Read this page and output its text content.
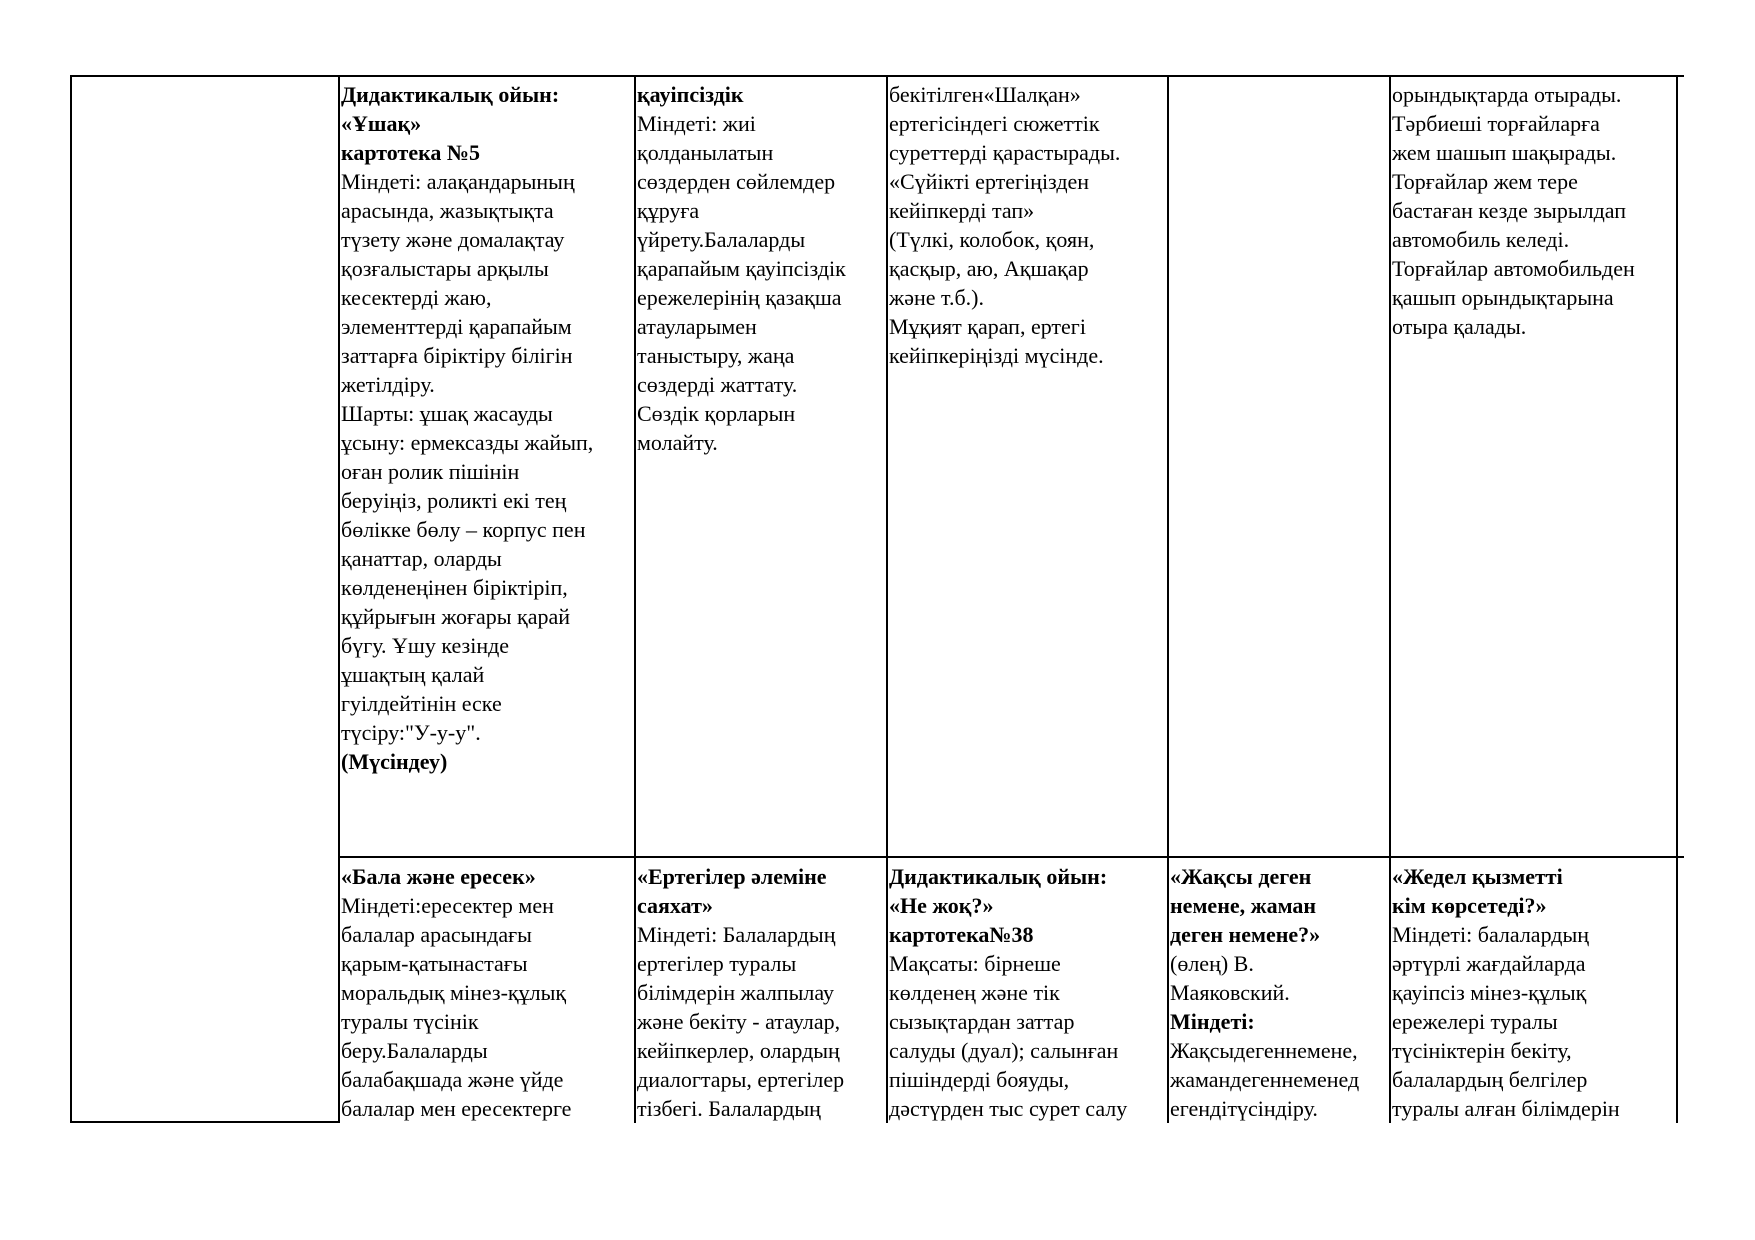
Дидактикалық ойын:
«Ұшақ»
картотека №5
Міндеті: алақандарының
арасында, жазықтықта
түзету және домалақтау
қозғалыстары арқылы
кесектерді жаю,
элементтерді қарапайым
заттарға біріктіру білігін
жетілдіру.
Шарты: ұшақ жасауды
ұсыну: ермексазды жайып,
оған ролик пішінін
беруіңіз, роликті екі тең
бөлікке бөлу – корпус пен
қанаттар, оларды
көлденеңінен біріктіріп,
құйрығын жоғары қарай
бүгу. Ұшу кезінде
ұшақтың қалай
гуілдейтінін еске
түсіру:"У-у-у".
(Мүсіндеу)
қауіпсіздік
Міндеті: жиі
қолданылатын
сөздерден сөйлемдер
құруға
үйрету.Балаларды
қарапайым қауіпсіздік
ережелерінің қазақша
атауларымен
таныстыру, жаңа
сөздерді жаттату.
Сөздік қорларын
молайту.
бекітілген«Шалқан»
ертегісіндегі сюжеттік
суреттерді қарастырады.
«Сүйікті ертегіңізден
кейіпкерді тап»
(Түлкі, колобок, қоян,
қасқыр, аю, Ақшақар
және т.б.).
Мұқият қарап, ертегі
кейіпкеріңізді мүсінде.
орындықтарда отырады.
Тәрбиеші торғайларға
жем шашып шақырады.
Торғайлар жем тере
бастаған кезде зырылдап
автомобиль келеді.
Торғайлар автомобильден
қашып орындықтарына
отыра қалады.
«Бала және ересек»
Міндеті:ересектер мен
балалар арасындағы
қарым-қатынастағы
моральдық мінез-құлық
туралы түсінік
беру.Балаларды
балабақшада және үйде
балалар мен ересектерге
«Ертегілер әлеміне
саяхат»
Міндеті: Балалардың
ертегілер туралы
білімдерін жалпылау
және бекіту - атаулар,
кейіпкерлер, олардың
диалогтары, ертегілер
тізбегі. Балалардың
Дидактикалық ойын:
«Не жоқ?»
картотека№38
Мақсаты: бірнеше
көлденең және тік
сызықтардан заттар
салуды (дуал); салынған
пішіндерді бояуды,
дәстүрден тыс сурет салу
«Жақсы деген
немене, жаман
деген немене?»
(өлең) В.
Маяковский.
Міндеті:
Жақсыдегеннемене,
жамандегеннеменед
егендітүсіндіру.
«Жедел қызметті
кім көрсетеді?»
Міндеті: балалардың
әртүрлі жағдайларда
қауіпсіз мінез-құлық
ережелері туралы
түсініктерін бекіту,
балалардың белгілер
туралы алған білімдерін
